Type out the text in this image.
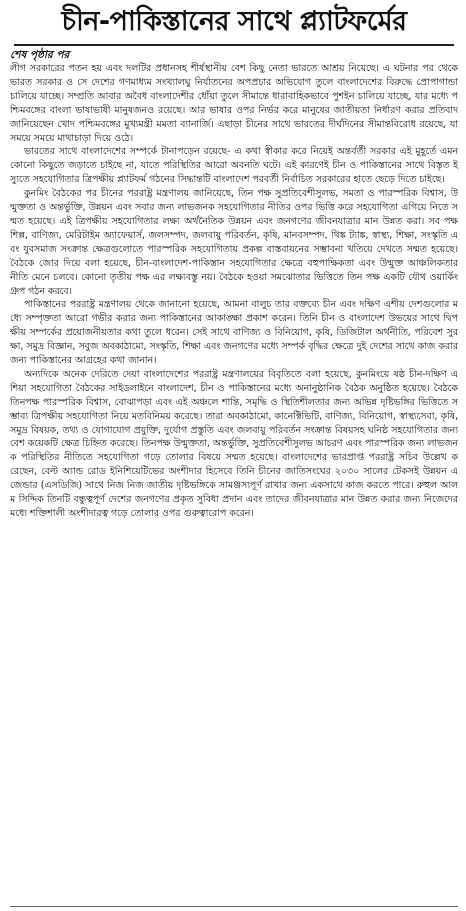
চীন-পাকিস্তানের সাথে প্ল্যাটফর্মের
শেষ পৃষ্ঠার পর

লীগ সরকারের পতন হয় এবং দলটির প্রধানসহ শীর্ষস্থানীয় বেশ কিছু নেতা ভারতে আশ্রয় নিয়েছে। এ ঘটনার পর থেকে ভারত সরকার ও সে দেশের গণমাধ্যম সংখ্যালঘু নির্যাতনের অপপ্রচার অভিযোগ তুলে বাংলাদেশের বিরুদ্ধে প্রোপাগান্ডা চালিয়ে যাচ্ছে। সম্প্রতি আবার অবৈধ বাংলাদেশীর ধোঁয়া তুলে সীমান্তে ধারাবাহিকভাবে পুশইন চালিয়ে যাচ্ছে, যার মধ্যে পশ্চিমবঙ্গের বাংলা ভাষাভাষী মানুষজনও রয়েছে। আর ভাষার ওপর নির্ভর করে মানুষের জাতীয়তা নির্ধারণ করার প্রতিবাদ জানিয়েছেন খোদ পশ্চিমবঙ্গের মুখ্যমন্ত্রী মমতা ব্যানার্জি। এছাড়া চীনের সাথে ভারতের দীর্ঘদিনের সীমান্তবিরোধ রয়েছে, যা সময়ে সময়ে মাথাচাড়া দিয়ে ওঠে।

ভারতের সাথে বাংলাদেশের সম্পর্কে টানাপড়েন রয়েছে- এ কথা স্বীকার করে নিয়েই অন্তর্বর্তী সরকার এই মুহূর্তে এমন কোনো কিছুতে জড়াতে চাইছে না, যাতে পরিস্থিতির আরো অবনতি ঘটে। এই কারণেই চীন ও পাকিস্তানের সাথে বিস্তৃত ইস্যুতে সহযোগিতার ত্রিপক্ষীয় প্ল্যাটফর্ম গঠনের সিদ্ধান্তটি বাংলাদেশ পরবর্তী নির্বাচিত সরকারের হাতে ছেড়ে দিতে চাইছে।

কুনমিং বৈঠকের পর চীনের পররাষ্ট্র মন্ত্রণালয় জানিয়েছে, তিন পক্ষ সুপ্রতিবেশীসুলভ, সমতা ও পারস্পরিক বিশ্বাস, উন্মুক্ততা ও অন্তর্ভুক্তি, উন্নয়ন এবং সবার জন্য লাভজনক সহযোগিতার নীতির ওপর ভিত্তি করে সহযোগিতা এগিয়ে নিতে সম্মত হয়েছে। এই ত্রিপক্ষীয় সহযোগিতার লক্ষ্য অর্থনৈতিক উন্নয়ন এবং জনগণের জীবনযাত্রার মান উন্নত করা। সব পক্ষ শিল্প, বাণিজ্য, মেরিটাইম অ্যাফেয়ার্স, জলসম্পদ, জলবায়ু পরিবর্তন, কৃষি, মানবসম্পদ, থিঙ্ক ট্যাঙ্ক, স্বাস্থ্য, শিক্ষা, সংস্কৃতি এবং যুবসমাজ সংক্রান্ত ক্ষেত্রগুলোতে পারস্পরিক সহযোগিতায় প্রকল্প বাস্তবায়নের সম্ভাবনা খতিয়ে দেখতে সম্মত হয়েছে। বৈঠকে জোর দিয়ে বলা হয়েছে, চীন-বাংলাদেশ-পাকিস্তান সহযোগিতার ক্ষেত্রে বহুপাক্ষিকতা এবং উন্মুক্ত আঞ্চলিকতার নীতি মেনে চলবে। কোনো তৃতীয় পক্ষ এর লক্ষ্যবস্তু নয়। বৈঠকে হওয়া সমঝোতার ভিত্তিতে তিন পক্ষ একটি যৌথ ওয়ার্কিং গ্রুপ গঠন করবে।

পাকিস্তানের পররাষ্ট্র মন্ত্রণালয় থেকে জানানো হয়েছে, আমনা বালুচ তার বক্তব্যে চীন এবং দক্ষিণ এশীয় দেশগুলোর মধ্যে সম্পৃক্ততা আরো গভীর করার জন্য পাকিস্তানের আকাঙ্ক্ষা প্রকাশ করেন। তিনি চীন ও বাংলাদেশ উভয়ের সাথে দ্বিপক্ষীয় সম্পর্কের প্রয়োজনীয়তার কথা তুলে ধরেন। সেই সাথে বাণিজ্য ও বিনিয়োগ, কৃষি, ডিজিটাল অর্থনীতি, পরিবেশ সুরক্ষা, সমুদ্র বিজ্ঞান, সবুজ অবকাঠামো, সংস্কৃতি, শিক্ষা এবং জনগণের মধ্যে সম্পর্ক বৃদ্ধির ক্ষেত্রে দুই দেশের সাথে কাজ করার জন্য পাকিস্তানের আগ্রহের কথা জানান।

অন্যদিকে অনেক দেরিতে দেয়া বাংলাদেশের পররাষ্ট্র মন্ত্রণালয়ের বিবৃতিতে বলা হয়েছে, কুনমিংয়ে ষষ্ঠ চীন-দক্ষিণ এশিয়া সহযোগিতা বৈঠকের সাইডলাইনে বাংলাদেশ, চীন ও পাকিস্তানের মধ্যে অনানুষ্ঠানিক বৈঠক অনুষ্ঠিত হয়েছে। বৈঠকে তিনপক্ষ পারস্পরিক বিশ্বাস, বোঝাপড়া এবং এই অঞ্চলে শান্তি, সমৃদ্ধি ও স্থিতিশীলতার জন্য অভিন্ন দৃষ্টিভঙ্গির ভিত্তিতে সম্ভাব্য ত্রিপক্ষীয় সহযোগিতা নিয়ে মতবিনিময় করেছে। তারা অবকাঠামো, কানেক্টিভিটি, বাণিজ্য, বিনিয়োগ, স্বাস্থ্যসেবা, কৃষি, সমুদ্র বিষয়ক, তথ্য ও যোগাযোগ প্রযুক্তি, দুর্যোগ প্রস্তুতি এবং জলবায়ু পরিবর্তন সংক্রান্ত বিষয়সহ ঘনিষ্ঠ সহযোগিতার জন্য বেশ কয়েকটি ক্ষেত্র চিহ্নিত করেছে। তিনপক্ষ উন্মুক্ততা, অন্তর্ভুক্তি, সুপ্রতিবেশীসুলভ আচরণ এবং পারস্পরিক জন্য লাভজনক পরিস্থিতির নীতিতে সহযোগিতা গড়ে তোলার বিষয়ে সম্মত হয়েছে। বাংলাদেশের ভারপ্রাপ্ত পররাষ্ট্র সচিব উল্লেখ করেছেন, বেল্ট অ্যান্ড রোড ইনিশিয়েটিভের অংশীদার হিসেবে তিনি চীনের জাতিসংঘের ২০৩০ সালের টেকসই উন্নয়ন এজেন্ডার (এসডিজি) সাথে নিজ নিজ জাতীয় দৃষ্টিভঙ্গিকে সামঞ্জস্যপূর্ণ রাখার জন্য একসাথে কাজ করতে পারে। রুহুল আলম সিদ্দিক তিনটি বন্ধুত্বপূর্ণ দেশের জনগণের প্রকৃত সুবিধা প্রদান এবং তাদের জীবনযাত্রার মান উন্নত করার জন্য নিজেদের মধ্যে শক্তিশালী অংশীদারত্ব গড়ে তোলার ওপর গুরুত্বারোপ করেন।
